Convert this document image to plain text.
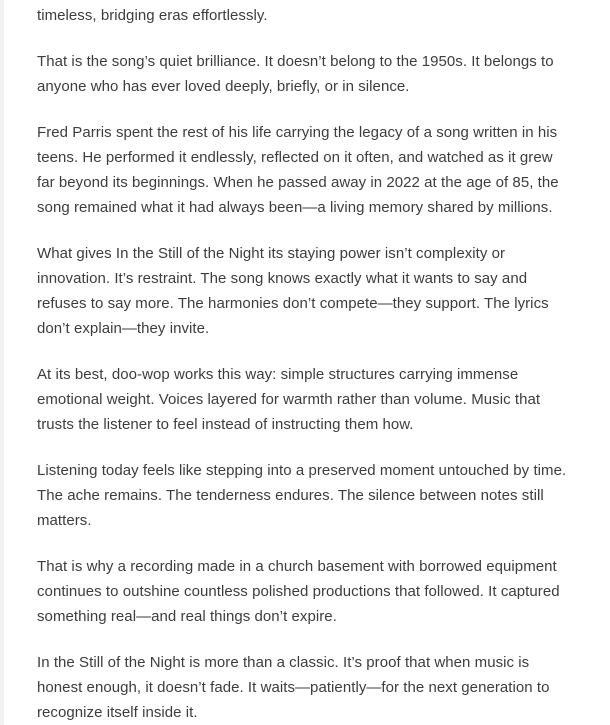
timeless, bridging eras effortlessly.

That is the song’s quiet brilliance. It doesn’t belong to the 1950s. It belongs to
anyone who has ever loved deeply, briefly, or in silence.

Fred Parris spent the rest of his life carrying the legacy of a song written in his
teens. He performed it endlessly, reflected on it often, and watched as it grew
far beyond its beginnings. When he passed away in 2022 at the age of 85, the
song remained what it had always been—a living memory shared by millions.

What gives In the Still of the Night its staying power isn’t complexity or
innovation. It’s restraint. The song knows exactly what it wants to say and
refuses to say more. The harmonies don’t compete—they support. The lyrics
don’t explain—they invite.

At its best, doo-wop works this way: simple structures carrying immense
emotional weight. Voices layered for warmth rather than volume. Music that
trusts the listener to feel instead of instructing them how.

Listening today feels like stepping into a preserved moment untouched by time.
The ache remains. The tenderness endures. The silence between notes still
matters.

That is why a recording made in a church basement with borrowed equipment
continues to outshine countless polished productions that followed. It captured
something real—and real things don’t expire.

In the Still of the Night is more than a classic. It’s proof that when music is
honest enough, it doesn’t fade. It waits—patiently—for the next generation to
recognize itself inside it.
